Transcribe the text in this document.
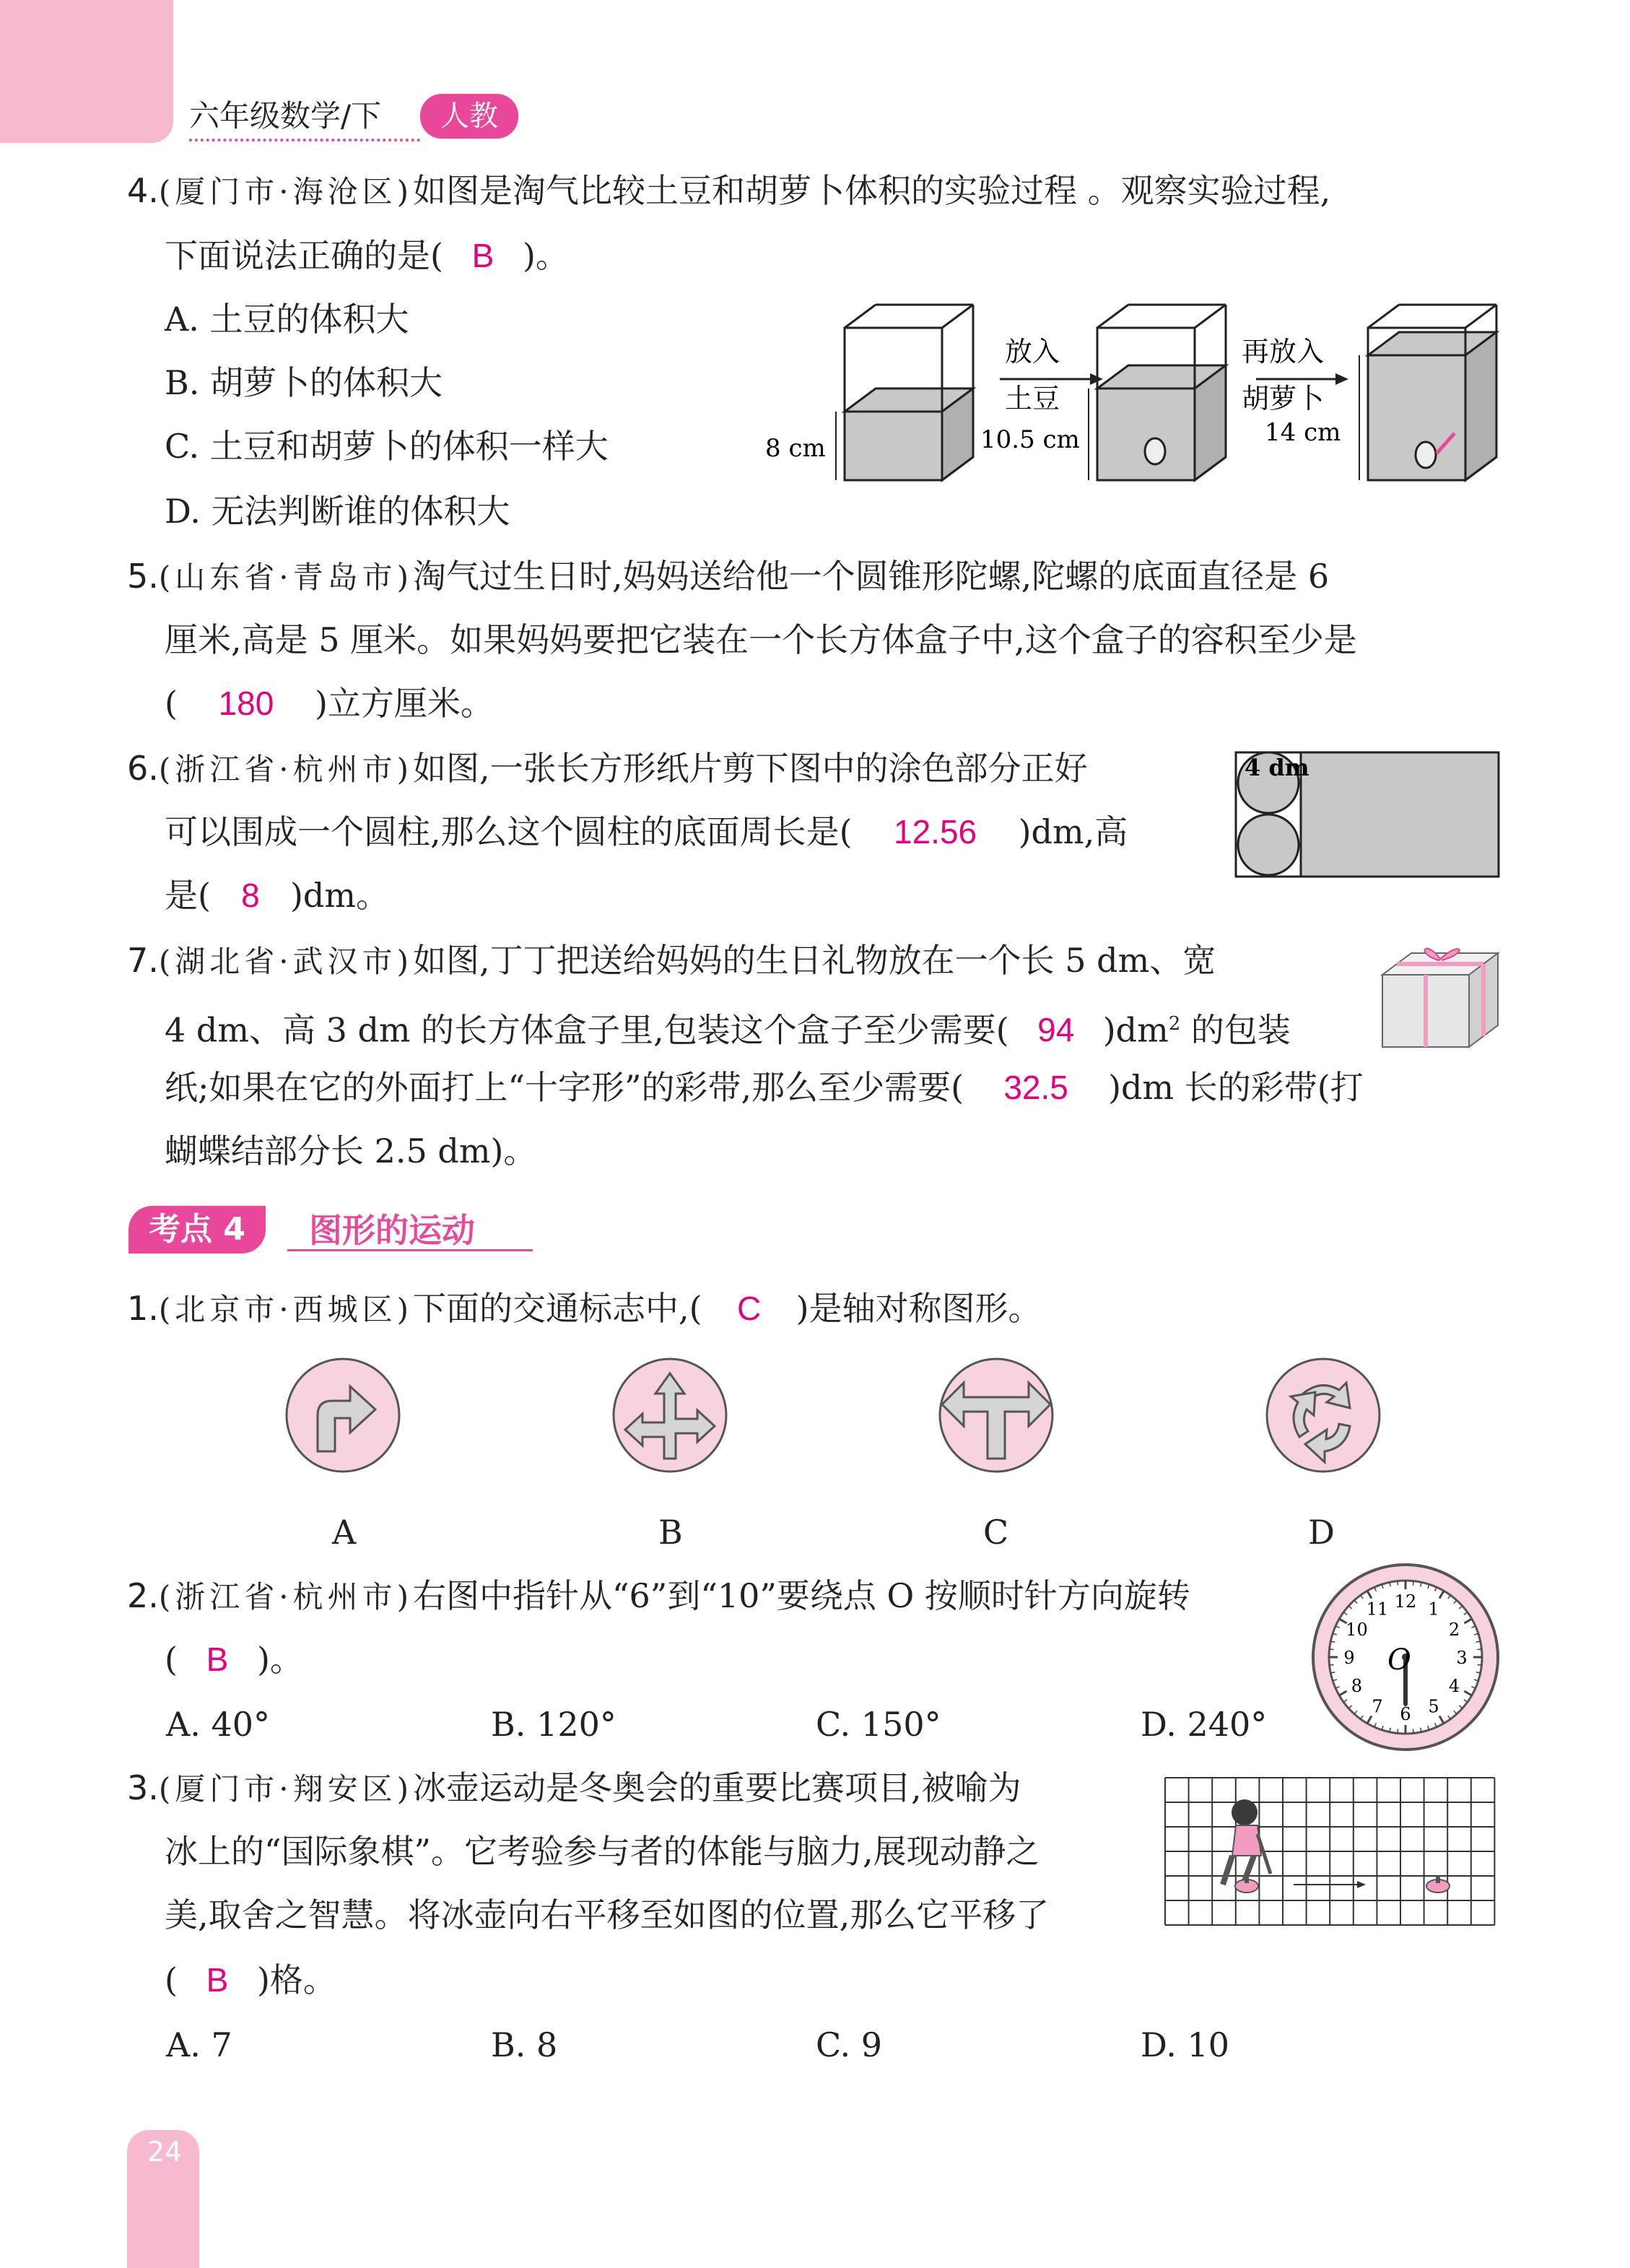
六年级数学/下	人教
4.(厦门市·海沧区)如图是淘气比较土豆和胡萝卜体积的实验过程 。观察实验过程,
下面说法正确的是( B )。
A. 土豆的体积大
B. 胡萝卜的体积大
C. 土豆和胡萝卜的体积一样大
D. 无法判断谁的体积大
8 cm
放入
土豆
10.5 cm
再放入
胡萝卜
14 cm
5.(山东省·青岛市)淘气过生日时,妈妈送给他一个圆锥形陀螺,陀螺的底面直径是 6
厘米,高是 5 厘米。如果妈妈要把它装在一个长方体盒子中,这个盒子的容积至少是
( 180 )立方厘米。
6.(浙江省·杭州市)如图,一张长方形纸片剪下图中的涂色部分正好
可以围成一个圆柱,那么这个圆柱的底面周长是( 12.56 )dm,高
是( 8 )dm。
4 dm
7.(湖北省·武汉市)如图,丁丁把送给妈妈的生日礼物放在一个长 5 dm、宽
4 dm、高 3 dm 的长方体盒子里,包装这个盒子至少需要( 94 )$dm^2$ 的包装
纸;如果在它的外面打上“十字形”的彩带,那么至少需要( 32.5 )dm 长的彩带(打
蝴蝶结部分长 2.5 dm)。
考点 4	图形的运动
1.(北京市·西城区)下面的交通标志中,( C )是轴对称图形。
A	B	C	D
2.(浙江省·杭州市)右图中指针从“6”到“10”要绕点 O 按顺时针方向旋转
( B )。
A. 40°	B. 120°	C. 150°	D. 240°
12 1
2
3
4
5
6
7
8
9
10
11
O
3.(厦门市·翔安区)冰壶运动是冬奥会的重要比赛项目,被喻为
冰上的“国际象棋”。它考验参与者的体能与脑力,展现动静之
美,取舍之智慧。将冰壶向右平移至如图的位置,那么它平移了
( B )格。
A. 7	B. 8	C. 9	D. 10
24
